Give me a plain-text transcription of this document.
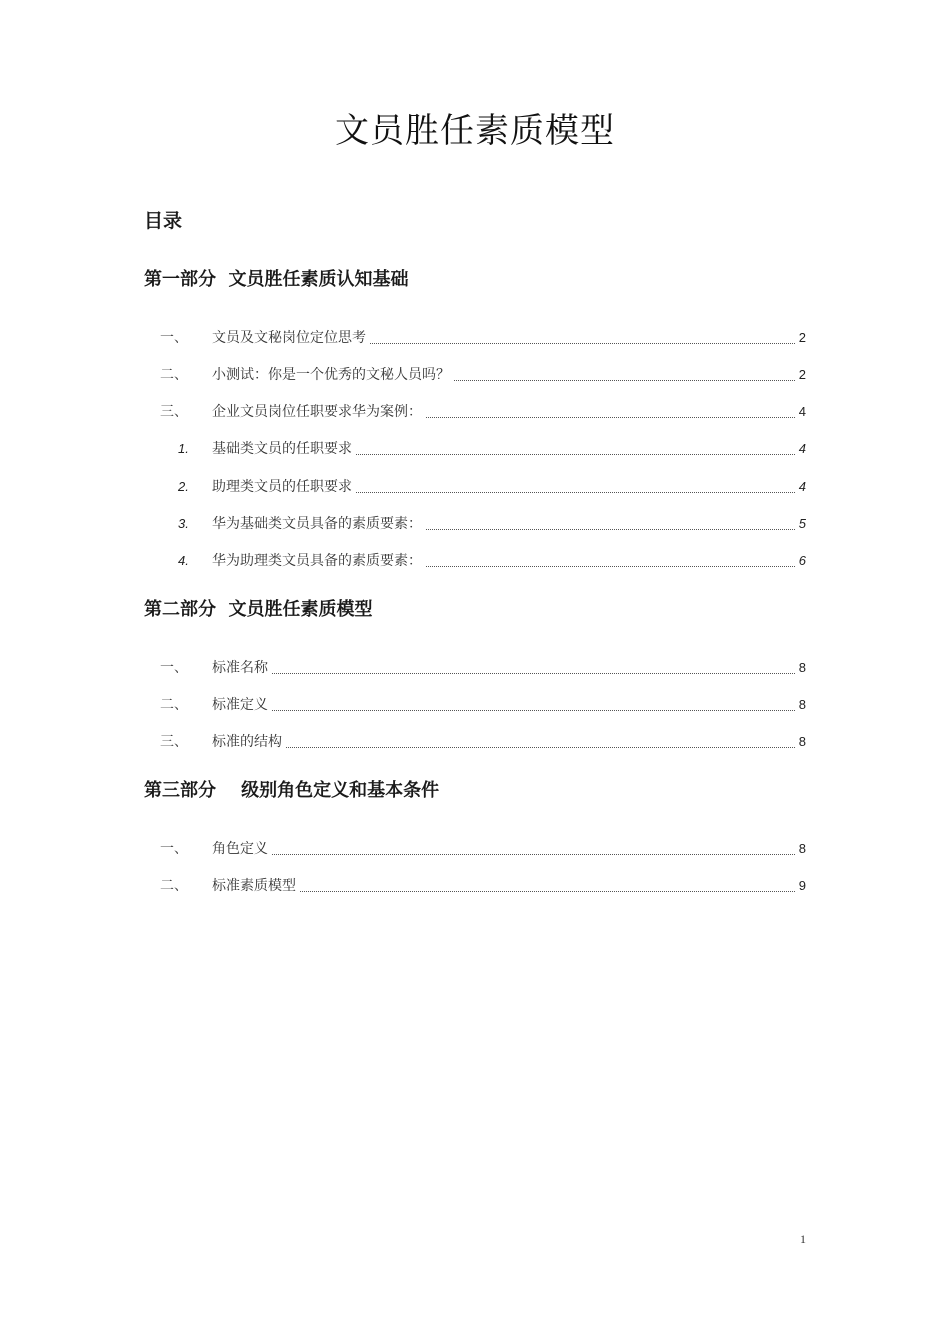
文员胜任素质模型
目录
第一部分  文员胜任素质认知基础
一、	文员及文秘岗位定位思考	2
二、	小测试：你是一个优秀的文秘人员吗？	2
三、	企业文员岗位任职要求华为案例：	4
1.	基础类文员的任职要求	4
2.	助理类文员的任职要求	4
3.	华为基础类文员具备的素质要素：	5
4.	华为助理类文员具备的素质要素：	6
第二部分  文员胜任素质模型
一、	标准名称	8
二、	标准定义	8
三、	标准的结构	8
第三部分    级别角色定义和基本条件
一、	角色定义	8
二、	标准素质模型	9
1
